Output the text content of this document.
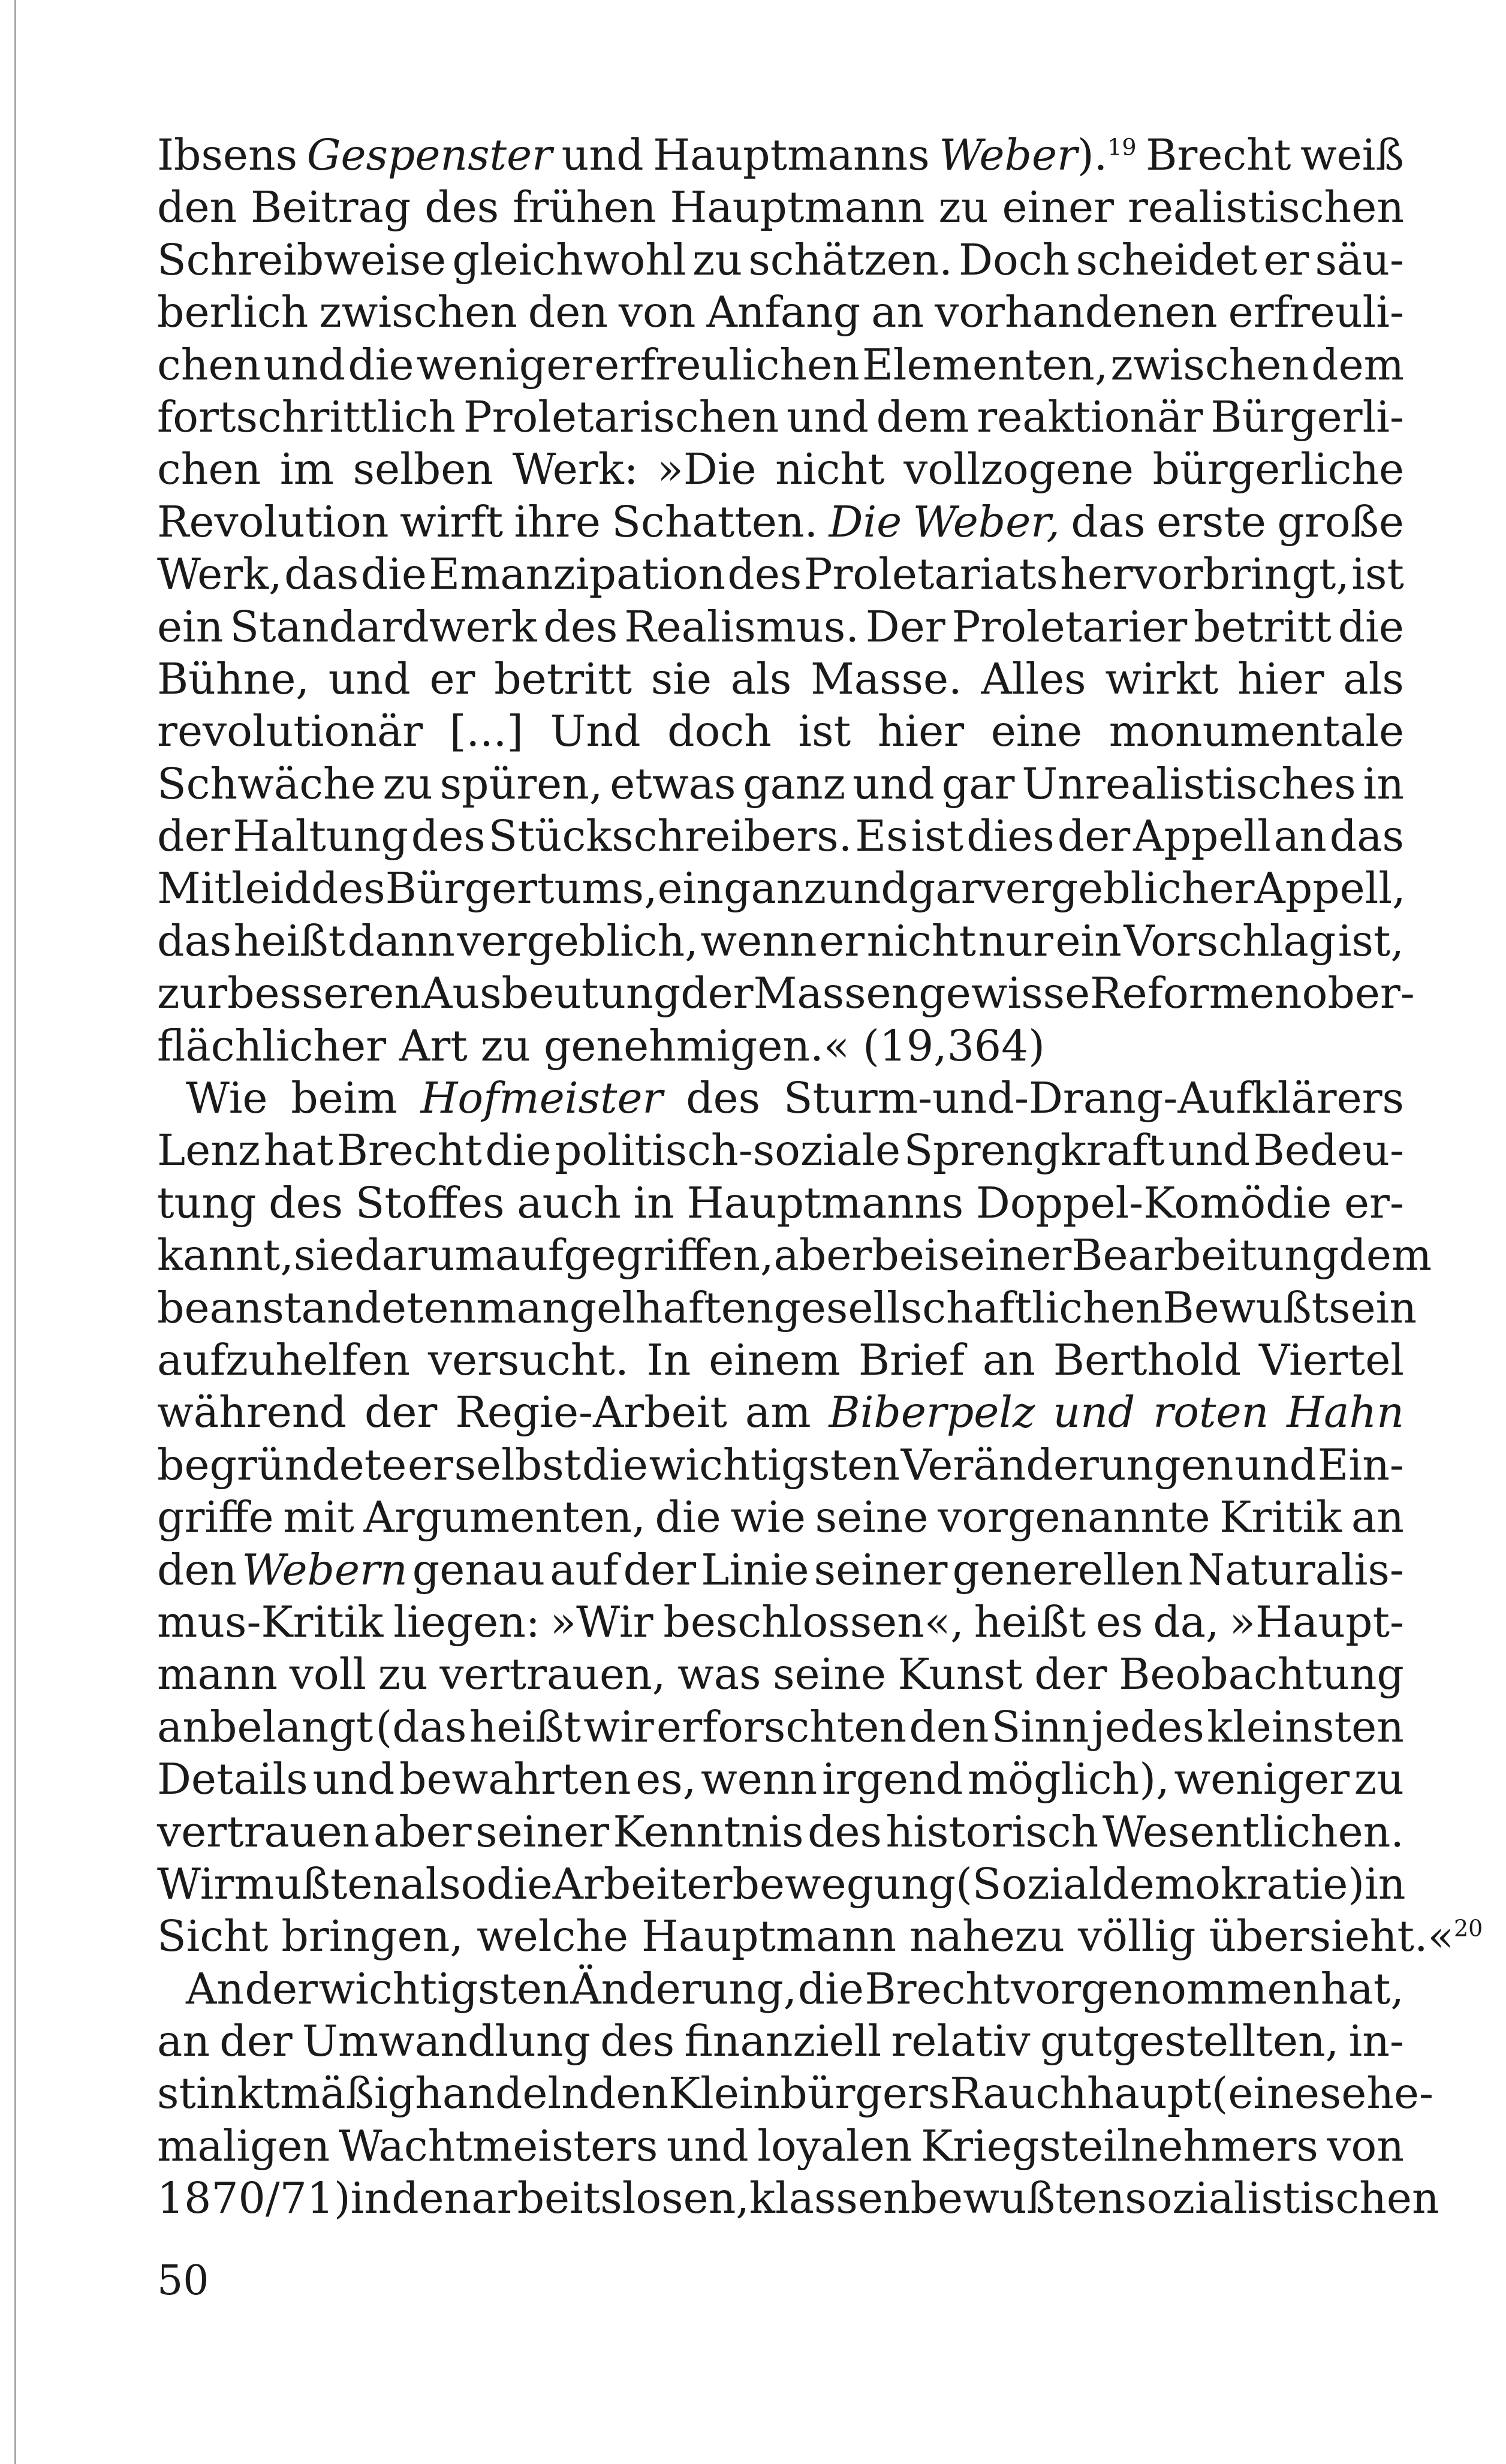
Ibsens Gespenster und Hauptmanns Weber).$^{19}$ Brecht weiß
den Beitrag des frühen Hauptmann zu einer realistischen
Schreibweise gleichwohl zu schätzen. Doch scheidet er säu-
berlich zwischen den von Anfang an vorhandenen erfreuli-
chen und die weniger erfreulichen Elementen, zwischen dem
fortschrittlich Proletarischen und dem reaktionär Bürgerli-
chen im selben Werk: »Die nicht vollzogene bürgerliche
Revolution wirft ihre Schatten. Die Weber, das erste große
Werk, das die Emanzipation des Proletariats hervorbringt, ist
ein Standardwerk des Realismus. Der Proletarier betritt die
Bühne, und er betritt sie als Masse. Alles wirkt hier als
revolutionär [...] Und doch ist hier eine monumentale
Schwäche zu spüren, etwas ganz und gar Unrealistisches in
der Haltung des Stückschreibers. Es ist dies der Appell an das
Mitleid des Bürgertums, ein ganz und gar vergeblicher Appell,
das heißt dann vergeblich, wenn er nicht nur ein Vorschlag ist,
zur besseren Ausbeutung der Massen gewisse Reformen ober-
flächlicher Art zu genehmigen.« (19,364)
Wie beim Hofmeister des Sturm-und-Drang-Aufklärers
Lenz hat Brecht die politisch-soziale Sprengkraft und Bedeu-
tung des Stoffes auch in Hauptmanns Doppel-Komödie er-
kannt, sie darum aufgegriffen, aber bei seiner Bearbeitung dem
beanstandeten mangelhaften gesellschaftlichen Bewußtsein
aufzuhelfen versucht. In einem Brief an Berthold Viertel
während der Regie-Arbeit am Biberpelz und roten Hahn
begründete er selbst die wichtigsten Veränderungen und Ein-
griffe mit Argumenten, die wie seine vorgenannte Kritik an
den Webern genau auf der Linie seiner generellen Naturalis-
mus-Kritik liegen: »Wir beschlossen«, heißt es da, »Haupt-
mann voll zu vertrauen, was seine Kunst der Beobachtung
anbelangt (das heißt wir erforschten den Sinn jedes kleinsten
Details und bewahrten es, wenn irgend möglich), weniger zu
vertrauen aber seiner Kenntnis des historisch Wesentlichen.
Wir mußten also die Arbeiterbewegung (Sozialdemokratie) in
Sicht bringen, welche Hauptmann nahezu völlig übersieht.«$^{20}$
An der wichtigsten Änderung, die Brecht vorgenommen hat,
an der Umwandlung des finanziell relativ gutgestellten, in-
stinktmäßig handelnden Kleinbürgers Rauchhaupt (eines ehe-
maligen Wachtmeisters und loyalen Kriegsteilnehmers von
1870/71) in den arbeitslosen, klassenbewußten sozialistischen
50
